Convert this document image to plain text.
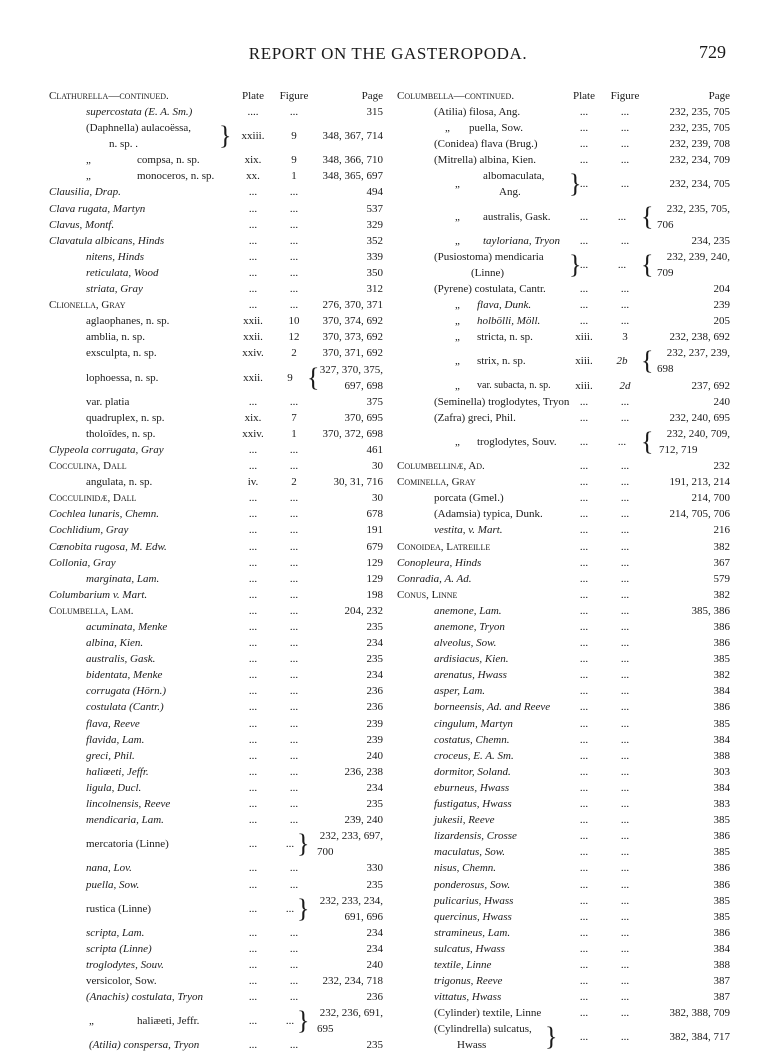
REPORT ON THE GASTEROPODA.	729
Clathurella—continued.	Plate	Figure	Page
supercostata (E. A. Sm.)	....	...	315
(Daphnella) aulacoëssa,
n. sp. .	} xxiii.	9	348, 367, 714
„	compsa, n. sp.	xix.	9	348, 366, 710
„	monoceros, n. sp.	xx.	1	348, 365, 697
Clausilia, Drap.	...	...	494
Clava rugata, Martyn	...	...	537
Clavus, Montf.	...	...	329
Clavatula albicans, Hinds	...	...	352
nitens, Hinds	...	...	339
reticulata, Wood	...	...	350
striata, Gray	...	...	312
Clionella, Gray	...	...	276, 370, 371
aglaophanes, n. sp.	xxii.	10	370, 374, 692
amblia, n. sp.	xxii.	12	370, 373, 692
exsculpta, n. sp.	xxiv.	2	370, 371, 692
lophoessa, n. sp.	xxii.	9 { 327, 370, 375,
697, 698
var. platia	...	...	375
quadruplex, n. sp.	xix.	7	370, 695
tholoïdes, n. sp.	xxiv.	1	370, 372, 698
Clypeola corrugata, Gray	...	...	461
Cocculina, Dall	...	...	30
angulata, n. sp.	iv.	2	30, 31, 716
Cocculinidæ, Dall	...	...	30
Cochlea lunaris, Chemn.	...	...	678
Cochlidium, Gray	...	...	191
Cœnobita rugosa, M. Edw.	...	...	679
Collonia, Gray	...	...	129
marginata, Lam.	...	...	129
Columbarium v. Mart.	...	...	198
Columbella, Lam.	...	...	204, 232
acuminata, Menke	...	...	235
albina, Kien.	...	...	234
australis, Gask.	...	...	235
bidentata, Menke	...	...	234
corrugata (Hörn.)	...	...	236
costulata (Cantr.)	...	...	236
flava, Reeve	...	...	239
flavida, Lam.	...	...	239
greci, Phil.	...	...	240
haliœeti, Jeffr.	...	...	236, 238
ligula, Ducl.	...	...	234
lincolnensis, Reeve	...	...	235
mendicaria, Lam.	...	...	239, 240
mercatoria (Linne)	...	... } 232, 233, 697,
700
nana, Lov.	...	...	330
puella, Sow.	...	...	235
rustica (Linne)	...	... } 232, 233, 234,
691, 696
scripta, Lam.	...	...	234
scripta (Linne)	...	...	234
troglodytes, Souv.	...	...	240
versicolor, Sow.	...	...	232, 234, 718
(Anachis) costulata, Tryon	...	...	236
„	haliæeti, Jeffr.	...	... } 232, 236, 691,
695
(Atilia) conspersa, Tryon	...	...	235
Columbella—continued.	Plate	Figure	Page
(Atilia) filosa, Ang.	...	...	232, 235, 705
„ puella, Sow.	...	...	232, 235, 705
(Conidea) flava (Brug.)	...	...	232, 239, 708
(Mitrella) albina, Kien.	...	...	232, 234, 709
„
albomaculata,
Ang. }
...	...	232, 234, 705
„ australis, Gask.	...	... {	232, 235, 705,
706
„ tayloriana, Tryon	...	...	234, 235
(Pusiostoma) mendicaria
(Linne)	}
...	... {	232, 239, 240,
709
(Pyrene) costulata, Cantr.	...	...	204
„ flava, Dunk.	...	...	239
„ holbölli, Möll.	...	...	205
„ stricta, n. sp.	xiii.	3	232, 238, 692
„ strix, n. sp.	xiii.	2b {	232, 237, 239,
698
„ var. subacta, n. sp.	xiii.	2d	237, 692
(Seminella) troglodytes, Tryon ...	...	240
(Zafra) greci, Phil.	...	...	232, 240, 695
„ troglodytes, Souv.	...	... {	232, 240, 709,
712, 719
Columbellinæ, Ad.	...	...	232
Cominella, Gray	...	...	191, 213, 214
porcata (Gmel.)	...	...	214, 700
(Adamsia) typica, Dunk.	...	...	214, 705, 706
vestita, v. Mart.	...	...	216
Conoidea, Latreille	...	...	382
Conopleura, Hinds	...	...	367
Conradia, A. Ad.	...	...	579
Conus, Linne	...	...	382
anemone, Lam.	...	...	385, 386
anemone, Tryon	...	...	386
alveolus, Sow.	...	...	386
ardisiacus, Kien.	...	...	385
arenatus, Hwass	...	...	382
asper, Lam.	...	...	384
borneensis, Ad. and Reeve	...	...	386
cingulum, Martyn	...	...	385
costatus, Chemn.	...	...	384
croceus, E. A. Sm.	...	...	388
dormitor, Soland.	...	...	303
eburneus, Hwass	...	...	384
fustigatus, Hwass	...	...	383
jukesii, Reeve	...	...	385
lizardensis, Crosse	...	...	386
maculatus, Sow.	...	...	385
nisus, Chemn.	...	...	386
ponderosus, Sow.	...	...	386
pulicarius, Hwass	...	...	385
quercinus, Hwass	...	...	385
stramineus, Lam.	...	...	386
sulcatus, Hwass	...	...	384
textile, Linne	...	...	388
trigonus, Reeve	...	...	387
vittatus, Hwass	...	...	387
(Cylinder) textile, Linne	...	...	382, 388, 709
(Cylindrella) sulcatus,
Hwass }	...	...	382, 384, 717
